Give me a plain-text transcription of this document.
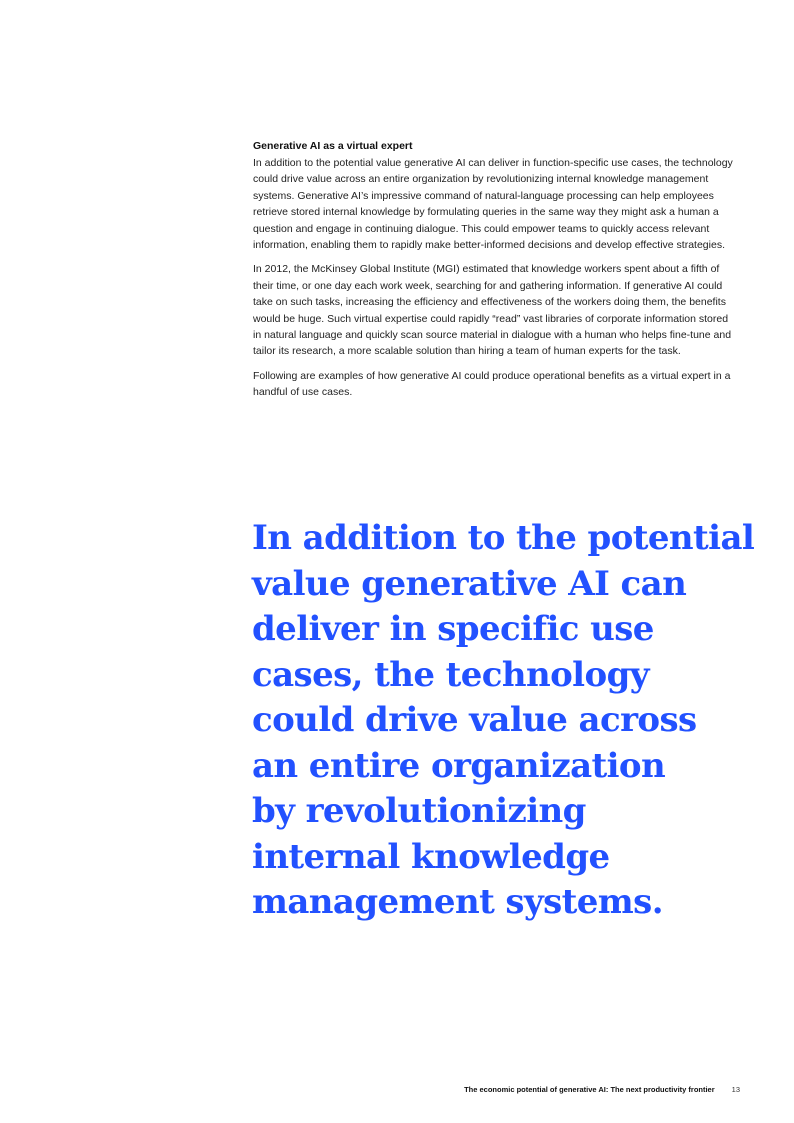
Generative AI as a virtual expert

In addition to the potential value generative AI can deliver in function-specific use cases, the technology could drive value across an entire organization by revolutionizing internal knowledge management systems. Generative AI’s impressive command of natural-language processing can help employees retrieve stored internal knowledge by formulating queries in the same way they might ask a human a question and engage in continuing dialogue. This could empower teams to quickly access relevant information, enabling them to rapidly make better-informed decisions and develop effective strategies.

In 2012, the McKinsey Global Institute (MGI) estimated that knowledge workers spent about a fifth of their time, or one day each work week, searching for and gathering information. If generative AI could take on such tasks, increasing the efficiency and effectiveness of the workers doing them, the benefits would be huge. Such virtual expertise could rapidly “read” vast libraries of corporate information stored in natural language and quickly scan source material in dialogue with a human who helps fine-tune and tailor its research, a more scalable solution than hiring a team of human experts for the task.

Following are examples of how generative AI could produce operational benefits as a virtual expert in a handful of use cases.

In addition to the potential
value generative AI can
deliver in specific use
cases, the technology
could drive value across
an entire organization
by revolutionizing
internal knowledge
management systems.
The economic potential of generative AI: The next productivity frontier 13
